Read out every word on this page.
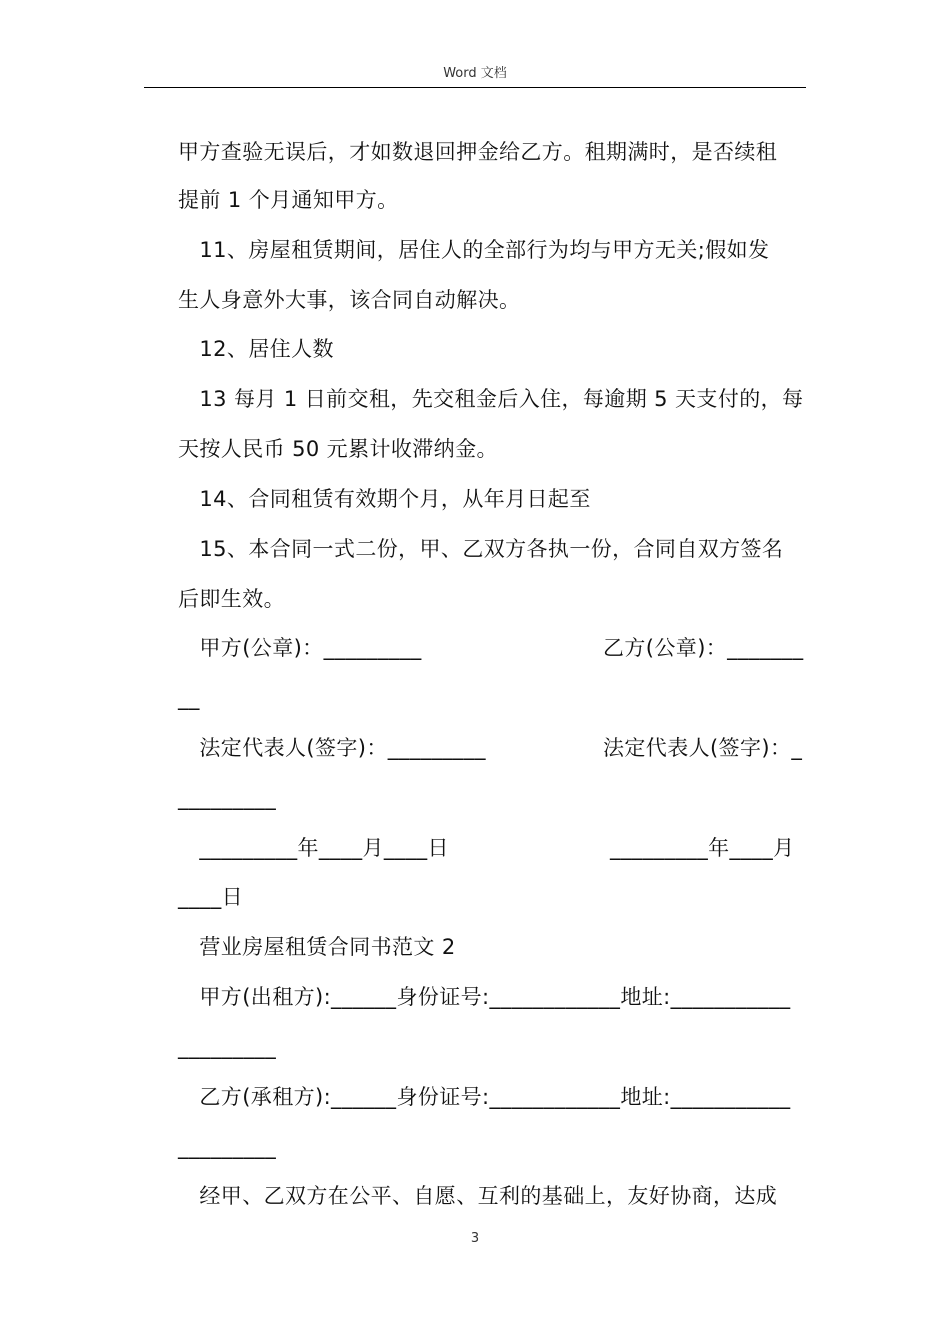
Word 文档
甲方查验无误后，才如数退回押金给乙方。租期满时，是否续租
提前 1 个月通知甲方。
　11、房屋租赁期间，居住人的全部行为均与甲方无关;假如发
生人身意外大事，该合同自动解决。
　12、居住人数
　13 每月 1 日前交租，先交租金后入住，每逾期 5 天支付的，每
天按人民币 50 元累计收滞纳金。
　14、合同租赁有效期个月，从年月日起至
　15、本合同一式二份，甲、乙双方各执一份，合同自双方签名
后即生效。
　甲方(公章)：_________	乙方(公章)：_______
__
　法定代表人(签字)：_________	法定代表人(签字)：_
_________
　_________年____月____日	_________年____月
____日
　营业房屋租赁合同书范文 2
　甲方(出租方):______身份证号:____________地址:___________
_________
　乙方(承租方):______身份证号:____________地址:___________
_________
　经甲、乙双方在公平、自愿、互利的基础上，友好协商，达成
3
